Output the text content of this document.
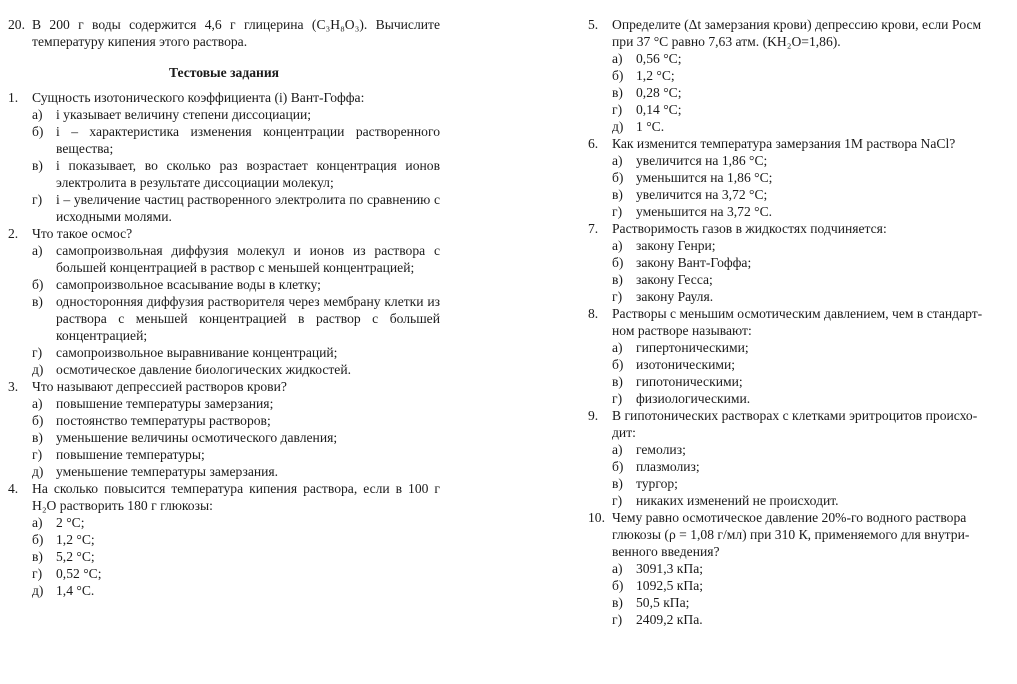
20. В 200 г воды содержится 4,6 г глицерина (C₃H₈O₃). Вычислите температуру кипения этого раствора.
Тестовые задания
1. Сущность изотонического коэффициента (i) Вант-Гоффа:
а) i указывает величину степени диссоциации;
б) i – характеристика изменения концентрации растворенного вещества;
в) i показывает, во сколько раз возрастает концентрация ионов электролита в результате диссоциации молекул;
г) i – увеличение частиц растворенного электролита по сравнению с исходными молями.
2. Что такое осмос?
а) самопроизвольная диффузия молекул и ионов из раствора с большей концентрацией в раствор с меньшей концентрацией;
б) самопроизвольное всасывание воды в клетку;
в) односторонняя диффузия растворителя через мембрану клетки из раствора с меньшей концентрацией в раствор с большей концентрацией;
г) самопроизвольное выравнивание концентраций;
д) осмотическое давление биологических жидкостей.
3. Что называют депрессией растворов крови?
а) повышение температуры замерзания;
б) постоянство температуры растворов;
в) уменьшение величины осмотического давления;
г) повышение температуры;
д) уменьшение температуры замерзания.
4. На сколько повысится температура кипения раствора, если в 100 г H₂O растворить 180 г глюкозы:
а) 2 °С;
б) 1,2 °С;
в) 5,2 °С;
г) 0,52 °С;
д) 1,4 °С.
5. Определите (Δt замерзания крови) депрессию крови, если Pосм
при 37 °С равно 7,63 атм. (KH₂O=1,86).
а) 0,56 °С;
б) 1,2 °С;
в) 0,28 °С;
г) 0,14 °С;
д) 1 °С.
6. Как изменится температура замерзания 1М раствора NaCl?
а) увеличится на 1,86 °С;
б) уменьшится на 1,86 °С;
в) увеличится на 3,72 °С;
г) уменьшится на 3,72 °С.
7. Растворимость газов в жидкостях подчиняется:
а) закону Генри;
б) закону Вант-Гоффа;
в) закону Гесса;
г) закону Рауля.
8. Растворы с меньшим осмотическим давлением, чем в стандарт-
ном растворе называют:
а) гипертоническими;
б) изотоническими;
в) гипотоническими;
г) физиологическими.
9. В гипотонических растворах с клетками эритроцитов происхо-
дит:
а) гемолиз;
б) плазмолиз;
в) тургор;
г) никаких изменений не происходит.
10. Чему равно осмотическое давление 20%-го водного раствора
глюкозы (ρ = 1,08 г/мл) при 310 К, применяемого для внутри-
венного введения?
а) 3091,3 кПа;
б) 1092,5 кПа;
в) 50,5 кПа;
г) 2409,2 кПа.
